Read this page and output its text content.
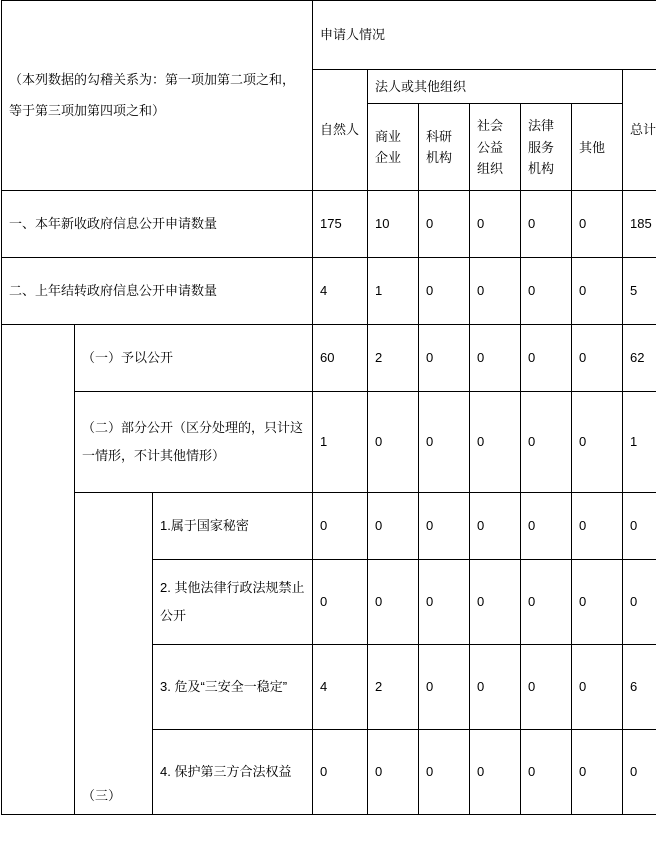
（本列数据的勾稽关系为：第一项加第二项之和，等于第三项加第四项之和）			申请人情况						
			自然人	法人或其他组织					总计
				商业企业	科研机构	社会公益组织	法律服务机构	其他	
一、本年新收政府信息公开申请数量			175	10	0	0	0	0	185
二、上年结转政府信息公开申请数量			4	1	0	0	0	0	5
	（一）予以公开		60	2	0	0	0	0	62
	（二）部分公开（区分处理的，只计这一情形，不计其他情形）		1	0	0	0	0	0	1
	（三）	1.属于国家秘密	0	0	0	0	0	0	0
		2. 其他法律行政法规禁止公开	0	0	0	0	0	0	0
		3. 危及“三安全一稳定”	4	2	0	0	0	0	6
		4. 保护第三方合法权益	0	0	0	0	0	0	0
